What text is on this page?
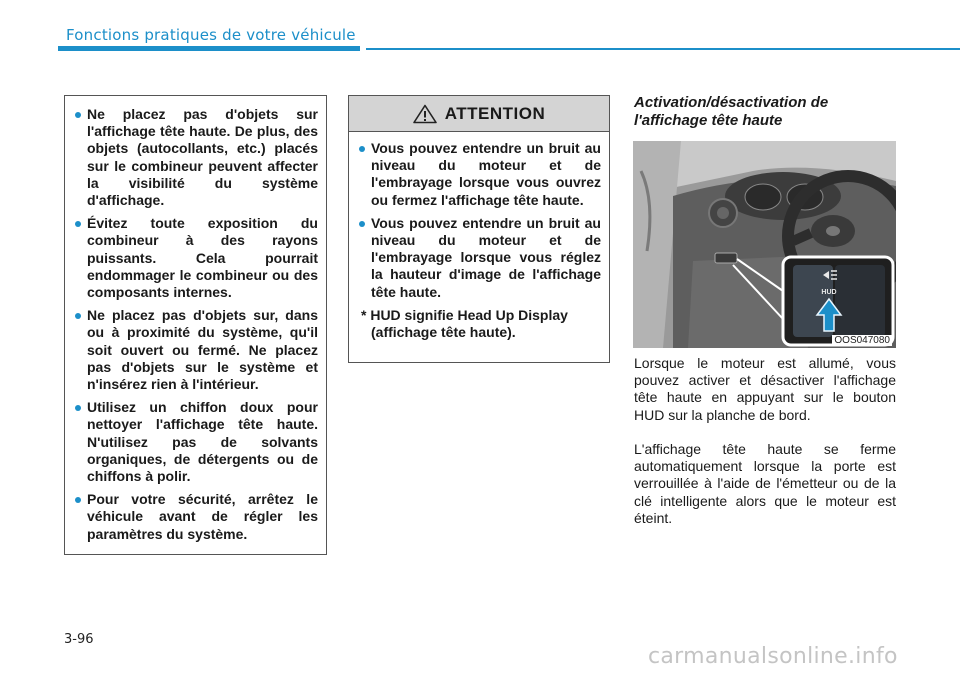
Fonctions pratiques de votre véhicule
Ne placez pas d'objets sur l'affichage tête haute. De plus, des objets (autocollants, etc.) placés sur le combineur peuvent affecter la visibilité du système d'affichage.
Évitez toute exposition du combineur à des rayons puissants. Cela pourrait endommager le combineur ou des composants internes.
Ne placez pas d'objets sur, dans ou à proximité du système, qu'il soit ouvert ou fermé. Ne placez pas d'objets sur le système et n'insérez rien à l'intérieur.
Utilisez un chiffon doux pour nettoyer l'affichage tête haute. N'utilisez pas de solvants organiques, de détergents ou de chiffons à polir.
Pour votre sécurité, arrêtez le véhicule avant de régler les paramètres du système.
ATTENTION
Vous pouvez entendre un bruit au niveau du moteur et de l'embrayage lorsque vous ouvrez ou fermez l'affichage tête haute.
Vous pouvez entendre un bruit au niveau du moteur et de l'embrayage lorsque vous réglez la hauteur d'image de l'affichage tête haute.
* HUD signifie Head Up Display (affichage tête haute).
Activation/désactivation de l'affichage tête haute
HUD
OOS047080

Lorsque le moteur est allumé, vous pouvez activer et désactiver l'affichage tête haute en appuyant sur le bouton HUD sur la planche de bord.

L'affichage tête haute se ferme automatiquement lorsque la porte est verrouillée à l'aide de l'émetteur ou de la clé intelligente alors que le moteur est éteint.

3-96
carmanualsonline.info
